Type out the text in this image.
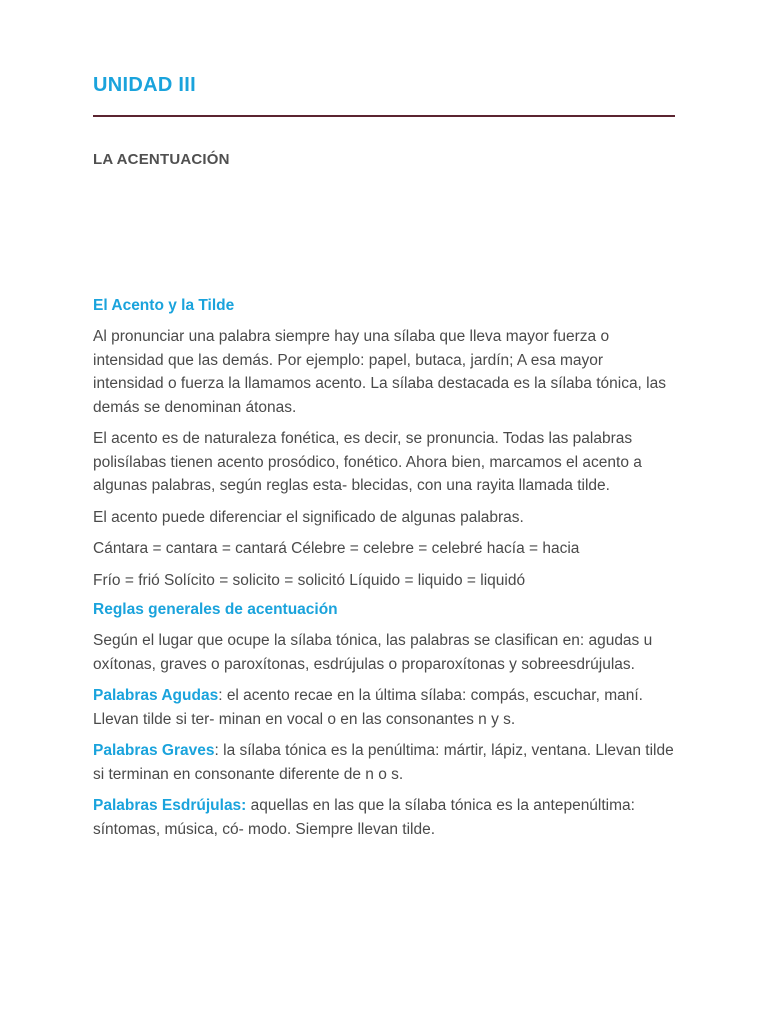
UNIDAD III
LA ACENTUACIÓN
El Acento y la Tilde

Al pronunciar una palabra siempre hay una sílaba que lleva mayor fuerza o intensidad que las demás. Por ejemplo: papel, butaca, jardín; A esa mayor intensidad o fuerza la llamamos acento. La sílaba destacada es la sílaba tónica, las demás se denominan átonas.

El acento es de naturaleza fonética, es decir, se pronuncia. Todas las palabras polisílabas tienen acento prosódico, fonético. Ahora bien, marcamos el acento a algunas palabras, según reglas esta- blecidas, con una rayita llamada tilde.

El acento puede diferenciar el significado de algunas palabras.

Cántara = cantara = cantará Célebre = celebre = celebré hacía = hacia

Frío = frió Solícito = solicito = solicitó Líquido = liquido = liquidó

Reglas generales de acentuación

Según el lugar que ocupe la sílaba tónica, las palabras se clasifican en: agudas u oxítonas, graves o paroxítonas, esdrújulas o proparoxítonas y sobreesdrújulas.

Palabras Agudas: el acento recae en la última sílaba: compás, escuchar, maní. Llevan tilde si ter- minan en vocal o en las consonantes n y s.

Palabras Graves: la sílaba tónica es la penúltima: mártir, lápiz, ventana. Llevan tilde si terminan en consonante diferente de n o s.

Palabras Esdrújulas: aquellas en las que la sílaba tónica es la antepenúltima: síntomas, música, có- modo. Siempre llevan tilde.
